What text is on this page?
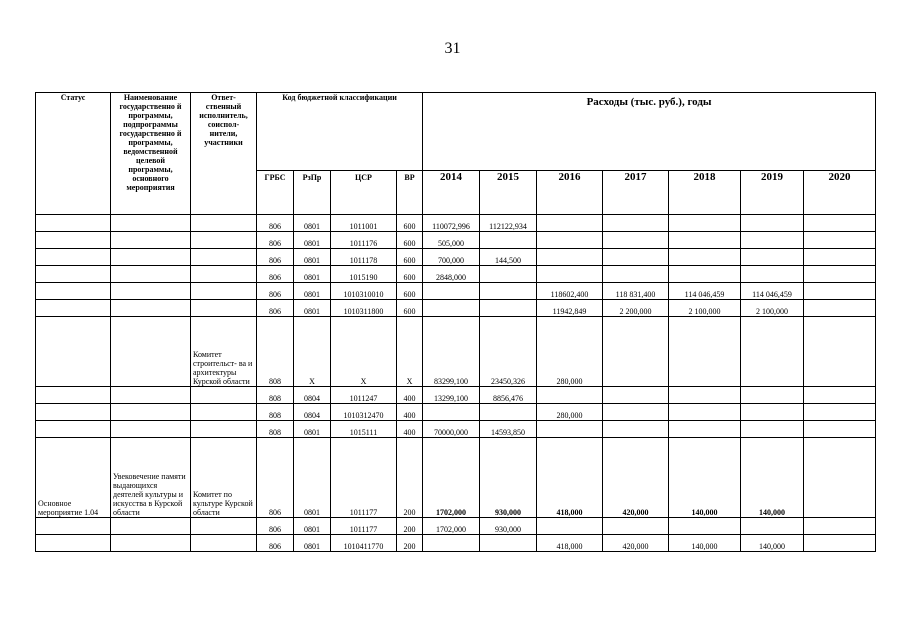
31
Статус	Наименование государственно й программы, подпрограммы государственно й программы, ведомственной целевой программы, основного мероприятия	Ответ- ственный исполнитель, соиспол- нители, участники	Код бюджетной классификации				Расходы (тыс. руб.), годы						
			ГРБС	РзПр	ЦСР	ВР	2014	2015	2016	2017	2018	2019	2020
			806	0801	1011001	600	110072,996	112122,934					
			806	0801	1011176	600	505,000						
			806	0801	1011178	600	700,000	144,500					
			806	0801	1015190	600	2848,000						
			806	0801	1010310010	600			118602,400	118 831,400	114 046,459	114 046,459	
			806	0801	1010311800	600			11942,849	2 200,000	2 100,000	2 100,000	
		Комитет строительст- ва и архитектуры Курской области	808	Х	Х	Х	83299,100	23450,326	280,000				
			808	0804	1011247	400	13299,100	8856,476					
			808	0804	1010312470	400			280,000				
			808	0801	1015111	400	70000,000	14593,850					
Основное мероприятие 1.04	Увековечение памяти выдающихся деятелей культуры и искусства в Курской области	Комитет по культуре Курской области	806	0801	1011177	200	1702,000	930,000	418,000	420,000	140,000	140,000	
			806	0801	1011177	200	1702,000	930,000					
			806	0801	1010411770	200			418,000	420,000	140,000	140,000	
